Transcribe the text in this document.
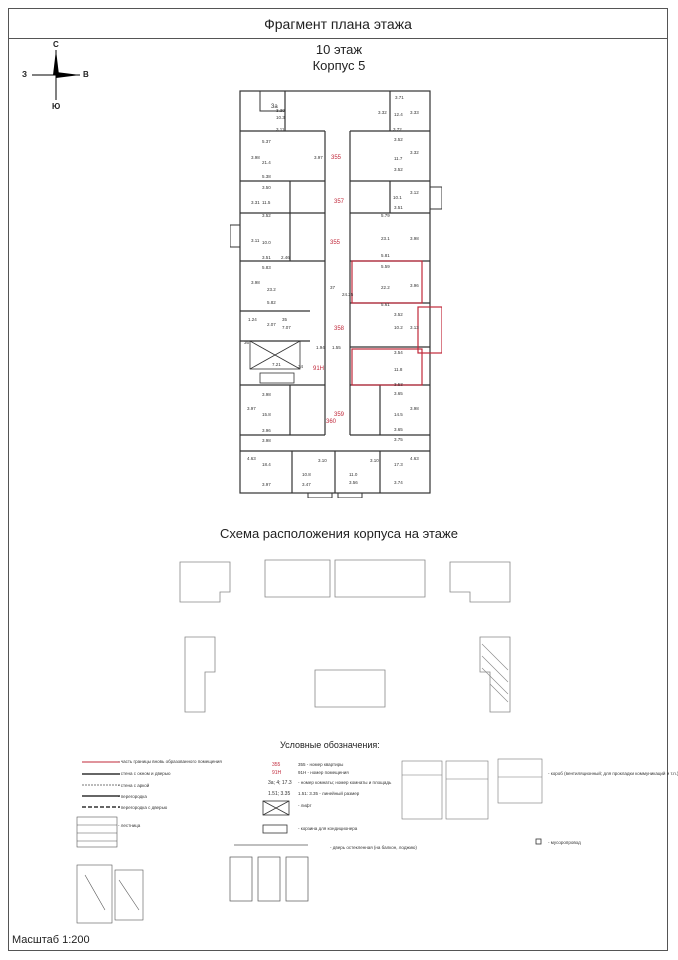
Фрагмент плана этажа
10 этаж
Корпус 5
С
З	В
Ю
3.71
3.32	3.33
12.4
3.72
5.37	3.52
3.32
11.7
3.52
3.12
10.1
3.51
5.79
23.1	3.98
5.81
5.59
22.2
5.61
3.96
3.52
10.2 3.13
3.54
11.8
3.53
3.65
14.5
3.98
3.65
3.75
17.3
4.63
3.74
3.56
11.0
3.10
3.30
10.3
3.11
3.98
21.4
3.97
5.38
3.50
3.31 11.5
3.52
3.11 10.0
3.51 2.46
5.83
3.98
23.2
5.82
37
24.25
35
7.07
1.24
2.07
36
7.21	34
1.94 1.55
3.98
15.8
3.97
3.96
3.98
18.4
4.63
3.97	3.47
10.8
3.10
355
357
355
358
359
360
91Н
3а
Схема расположения корпуса на этаже
Условные обозначения:
- часть границы вновь образованного помещения
- стена с окном и дверью
- стена с аркой
- перегородка
- перегородка с дверью
- лестница
355 - номер квартиры
91Н - номер помещения
- номер комнаты; номер комнаты и площадь
1.51: 3.35 - линейный размер
- лифт
- корзина для кондиционера
- дверь остекленная (на балкон, лоджию)
- короб (вентиляционный; для прокладки коммуникаций и т.п.)
- мусоропровод
355
91Н
3а; 4; 17.3
1.51; 3.35
Масштаб 1:200
